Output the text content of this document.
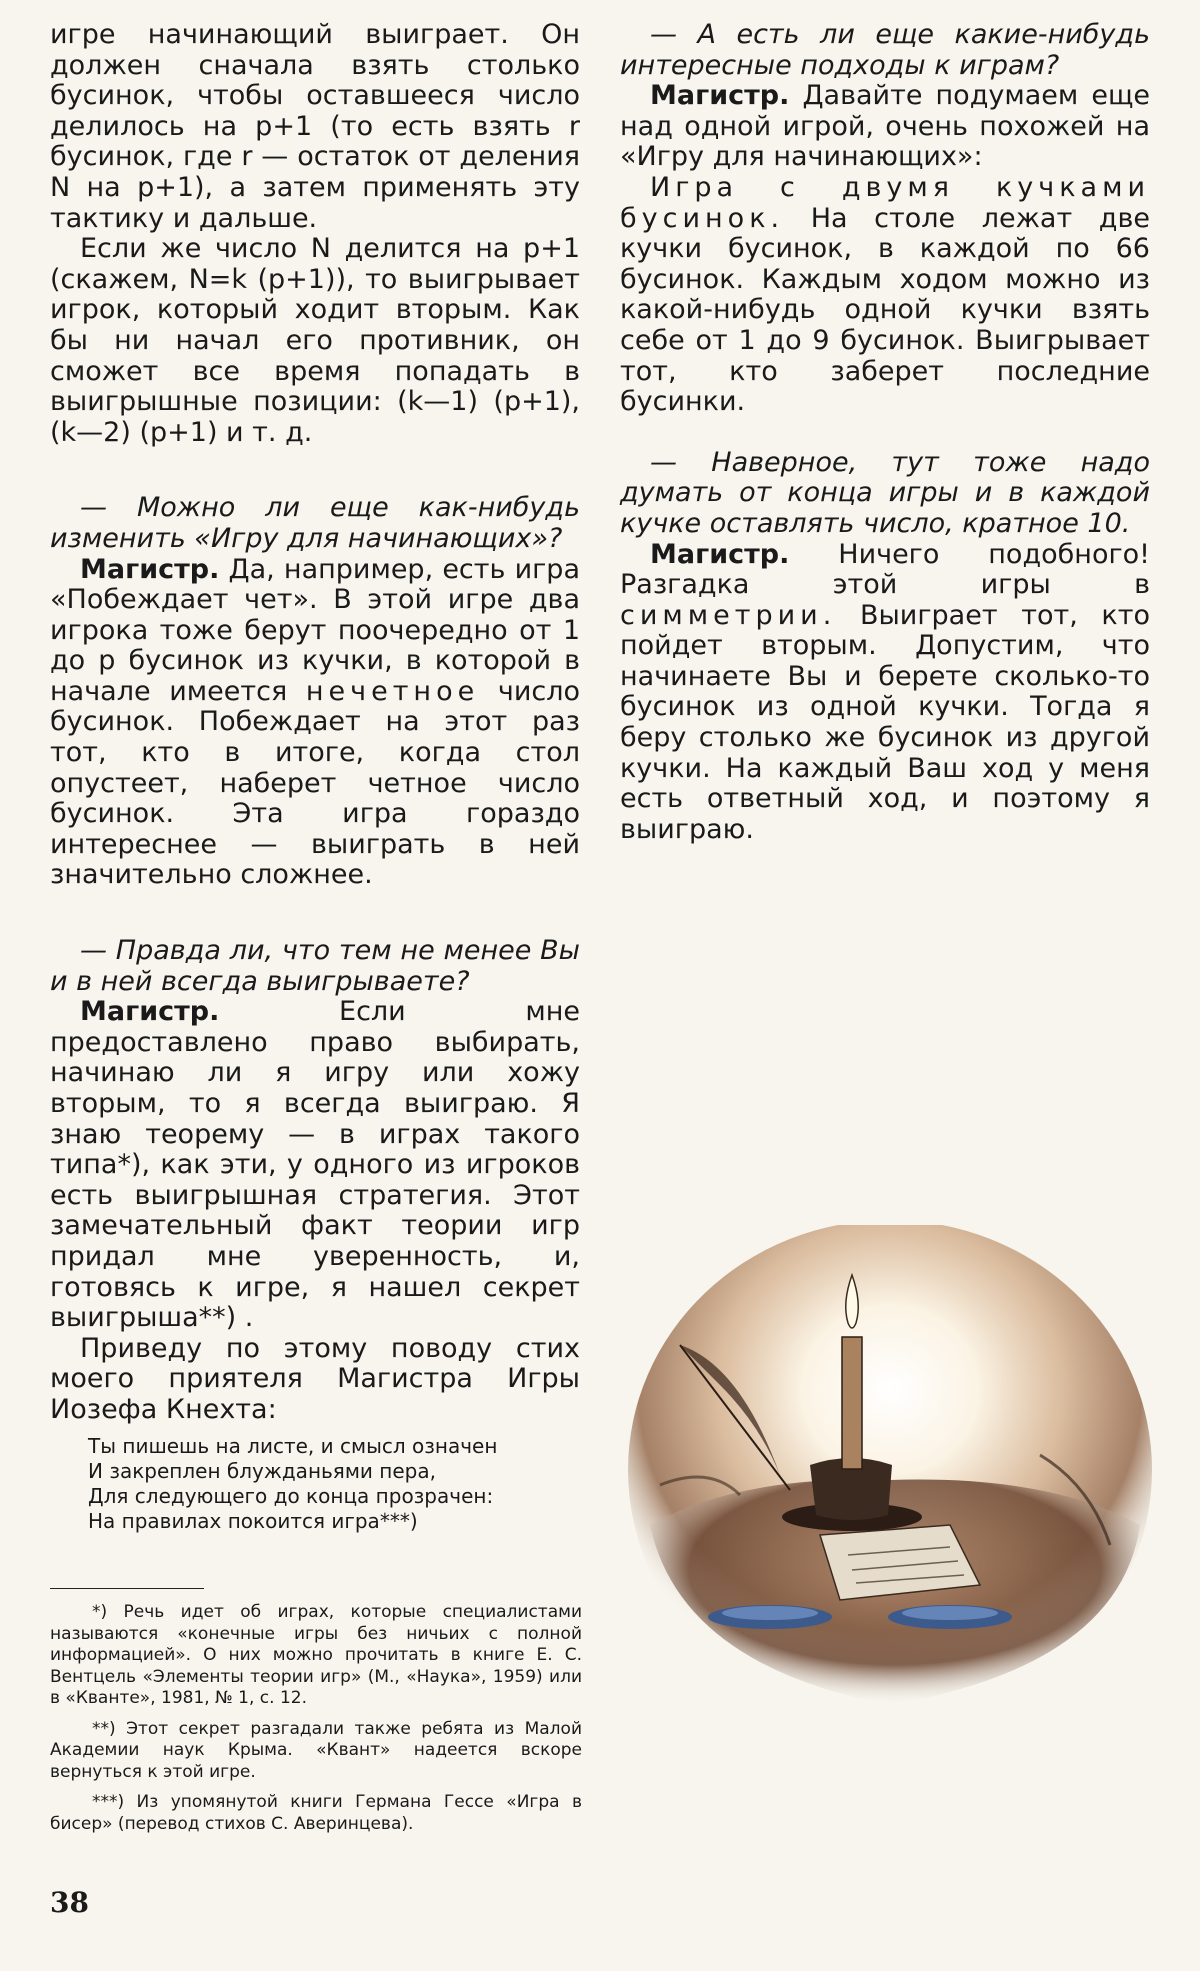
игре начинающий выиграет. Он должен сначала взять столько бусинок, чтобы оставшееся число делилось на p+1 (то есть взять r бусинок, где r — остаток от деления N на p+1), а затем применять эту тактику и дальше.

Если же число N делится на p+1 (скажем, N=k (p+1)), то выигрывает игрок, который ходит вторым. Как бы ни начал его противник, он сможет все время попадать в выигрышные позиции: (k—1) (p+1), (k—2) (p+1) и т. д.

— Можно ли еще как-нибудь изменить «Игру для начинающих»?

Магистр. Да, например, есть игра «Побеждает чет». В этой игре два игрока тоже берут поочередно от 1 до p бусинок из кучки, в которой в начале имеется нечетное число бусинок. Побеждает на этот раз тот, кто в итоге, когда стол опустеет, наберет четное число бусинок. Эта игра гораздо интереснее — выиграть в ней значительно сложнее.

— Правда ли, что тем не менее Вы и в ней всегда выигрываете?

Магистр. Если мне предоставлено право выбирать, начинаю ли я игру или хожу вторым, то я всегда выиграю. Я знаю теорему — в играх такого типа*), как эти, у одного из игроков есть выигрышная стратегия. Этот замечательный факт теории игр придал мне уверенность, и, готовясь к игре, я нашел секрет выигрыша**) .

Приведу по этому поводу стих моего приятеля Магистра Игры Иозефа Кнехта:

Ты пишешь на листе, и смысл означен
И закреплен блужданьями пера,
Для следующего до конца прозрачен:
На правилах покоится игра***)

— А есть ли еще какие-нибудь интересные подходы к играм?

Магистр. Давайте подумаем еще над одной игрой, очень похожей на «Игру для начинающих»:

Игра с двумя кучками бусинок. На столе лежат две кучки бусинок, в каждой по 66 бусинок. Каждым ходом можно из какой-нибудь одной кучки взять себе от 1 до 9 бусинок. Выигрывает тот, кто заберет последние бусинки.

— Наверное, тут тоже надо думать от конца игры и в каждой кучке оставлять число, кратное 10.

Магистр. Ничего подобного! Разгадка этой игры в симметрии. Выиграет тот, кто пойдет вторым. Допустим, что начинаете Вы и берете сколько-то бусинок из одной кучки. Тогда я беру столько же бусинок из другой кучки. На каждый Ваш ход у меня есть ответный ход, и поэтому я выиграю.

*) Речь идет об играх, которые специалистами называются «конечные игры без ничьих с полной информацией». О них можно прочитать в книге Е. С. Вентцель «Элементы теории игр» (М., «Наука», 1959) или в «Кванте», 1981, № 1, с. 12.

**) Этот секрет разгадали также ребята из Малой Академии наук Крыма. «Квант» надеется вскоре вернуться к этой игре.

***) Из упомянутой книги Германа Гессе «Игра в бисер» (перевод стихов С. Аверинцева).

38
